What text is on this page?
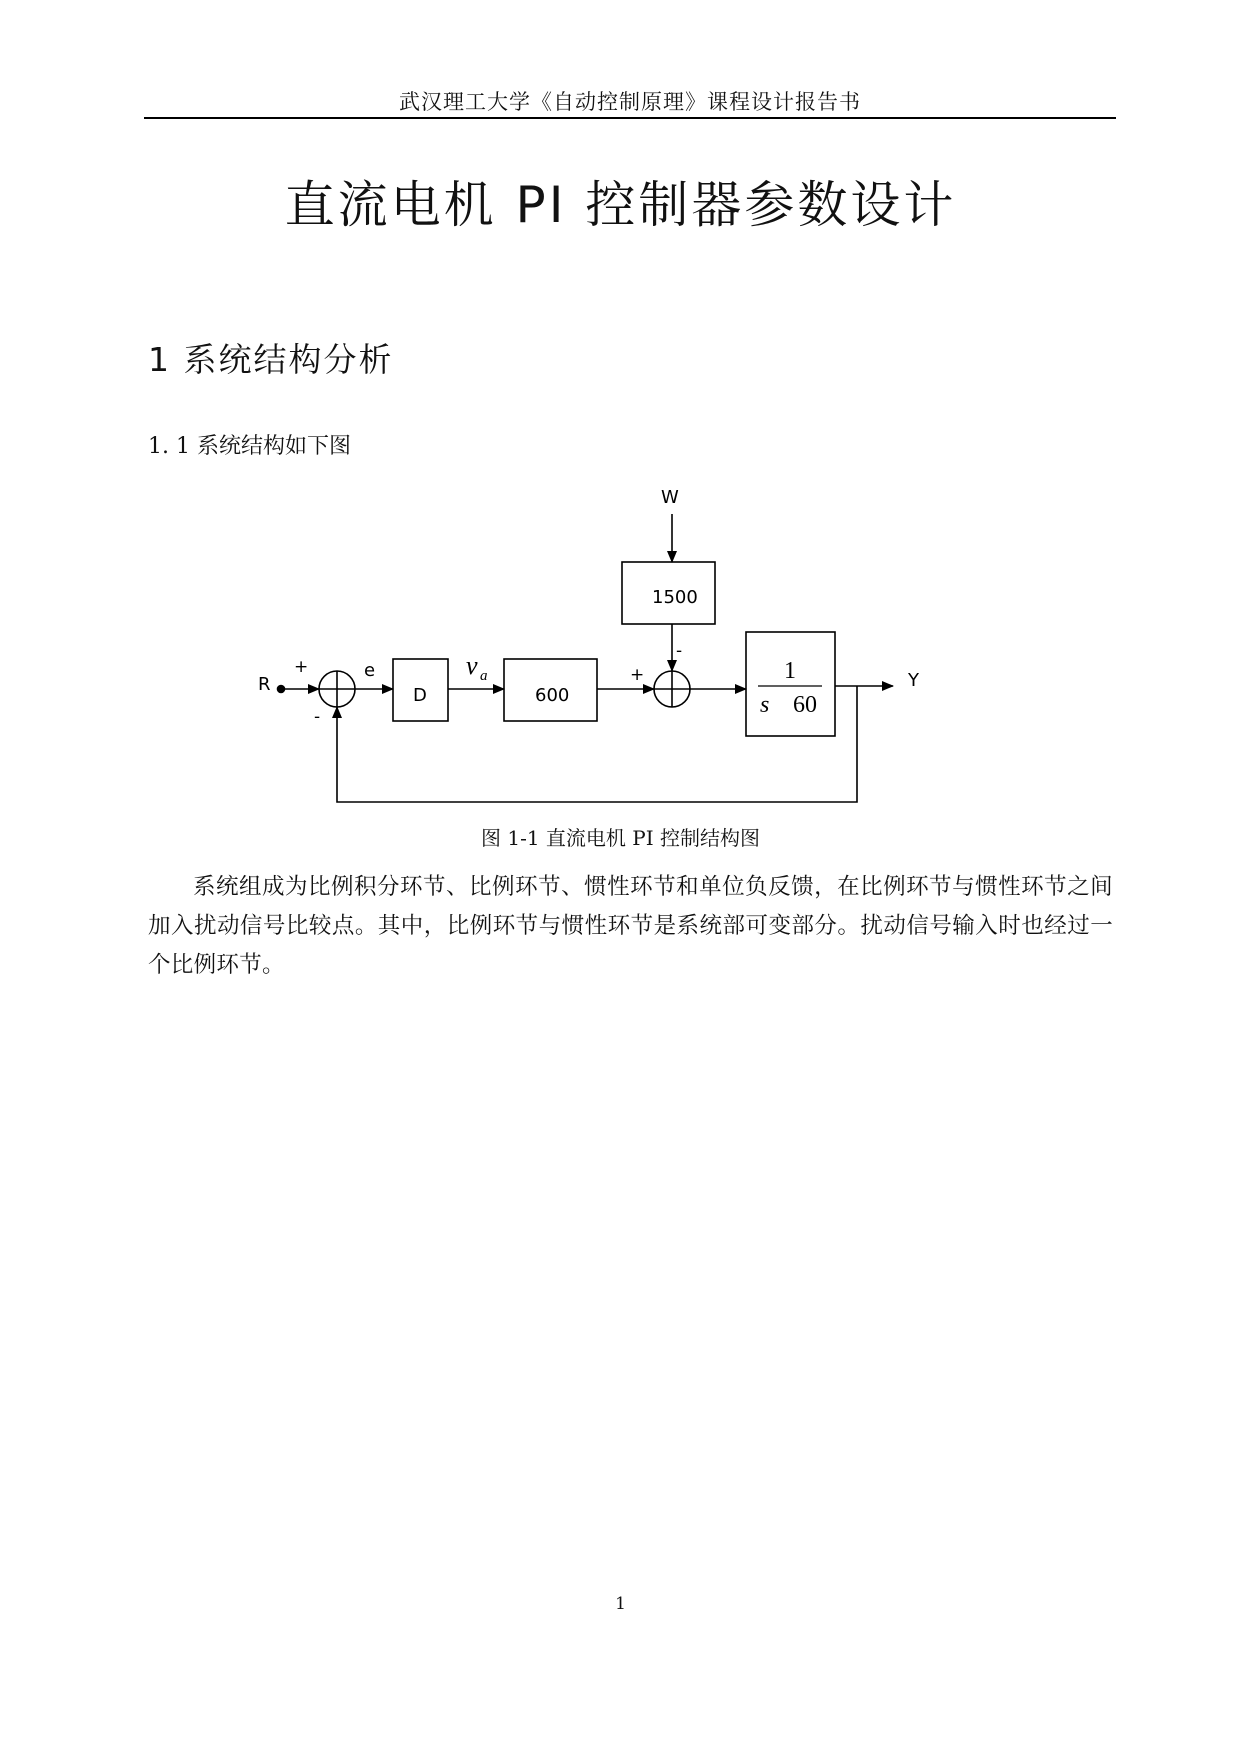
武汉理工大学《自动控制原理》课程设计报告书
直流电机 PI 控制器参数设计
1 系统结构分析
1. 1 系统结构如下图
R
+
-
e
D
v a
600
+
-
W
1500
1
s 60
Y
图 1-1 直流电机 PI 控制结构图

系统组成为比例积分环节、比例环节、惯性环节和单位负反馈，在比例环节与惯性环节之间加入扰动信号比较点。其中，比例环节与惯性环节是系统部可变部分。扰动信号输入时也经过一个比例环节。

1
